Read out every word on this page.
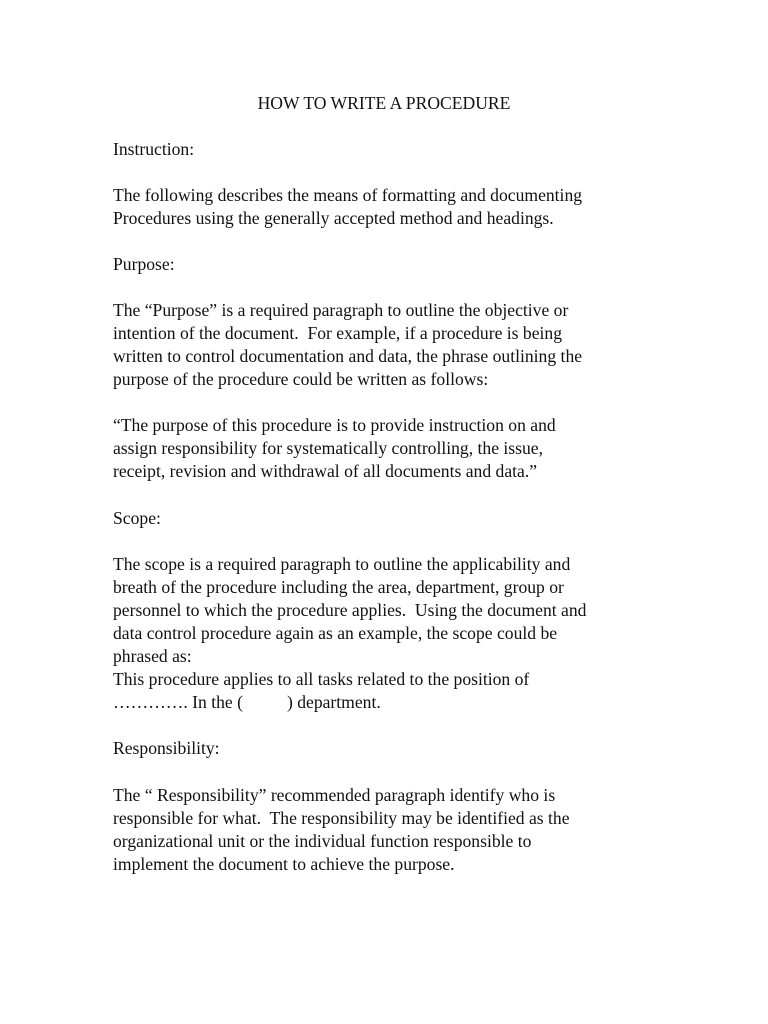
HOW TO WRITE A PROCEDURE
Instruction:
The following describes the means of formatting and documenting
Procedures using the generally accepted method and headings.
Purpose:
The “Purpose” is a required paragraph to outline the objective or
intention of the document.  For example, if a procedure is being
written to control documentation and data, the phrase outlining the
purpose of the procedure could be written as follows:
“The purpose of this procedure is to provide instruction on and
assign responsibility for systematically controlling, the issue,
receipt, revision and withdrawal of all documents and data.”
Scope:
The scope is a required paragraph to outline the applicability and
breath of the procedure including the area, department, group or
personnel to which the procedure applies.  Using the document and
data control procedure again as an example, the scope could be
phrased as:
This procedure applies to all tasks related to the position of
…………. In the (          ) department.
Responsibility:
The “ Responsibility” recommended paragraph identify who is
responsible for what.  The responsibility may be identified as the
organizational unit or the individual function responsible to
implement the document to achieve the purpose.
